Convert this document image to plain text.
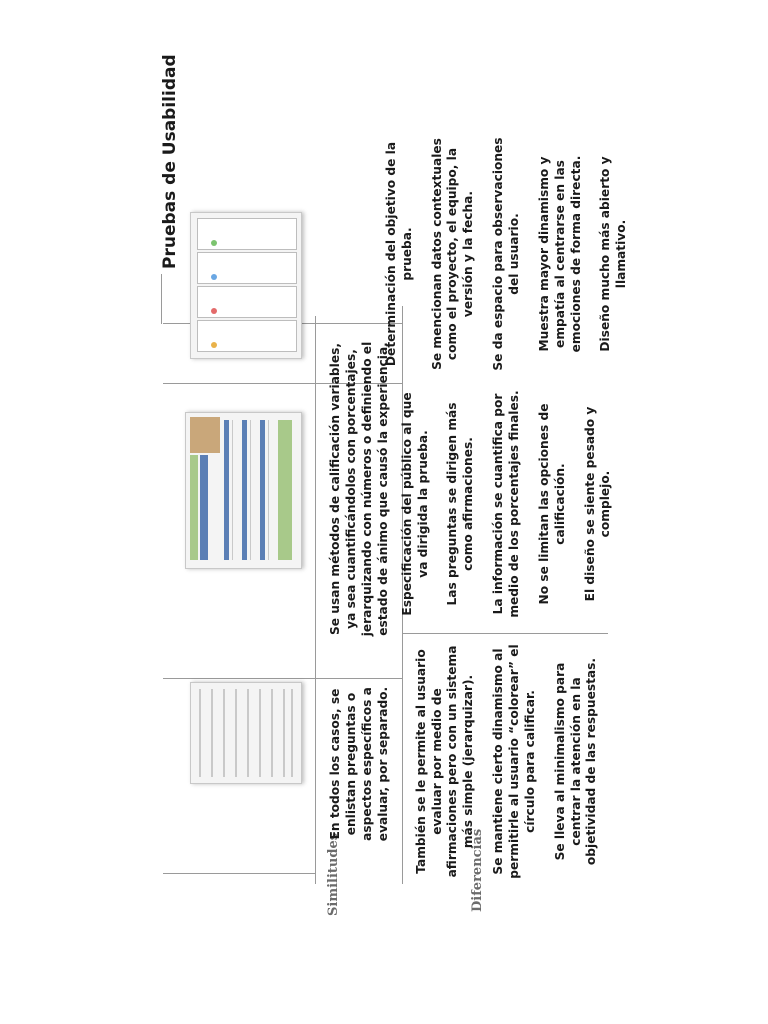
Pruebas de Usabilidad
Similitudes	Diferencias

En todos los casos, se enlistan preguntas o aspectos específicos a evaluar, por separado.

Se usan métodos de calificación variables, ya sea cuantificándolos con porcentajes, jerarquizando con números o definiendo el estado de ánimo que causó la experiencia.

También se le permite al usuario evaluar por medio de afirmaciones pero con un sistema más simple (jerarquizar). Se mantiene cierto dinamismo al permitirle al usuario “colorear” el círculo para calificar. Se lleva al minimalismo para centrar la atención en la objetividad de las respuestas.

Especificación del público al que va dirigida la prueba. Las preguntas se dirigen más como afirmaciones. La información se cuantifica por medio de los porcentajes finales. No se limitan las opciones de calificación. El diseño se siente pesado y complejo.

Determinación del objetivo de la prueba. Se mencionan datos contextuales como el proyecto, el equipo, la versión y la fecha. Se da espacio para observaciones del usuario. Muestra mayor dinamismo y empatía al centrarse en las emociones de forma directa. Diseño mucho más abierto y llamativo.
